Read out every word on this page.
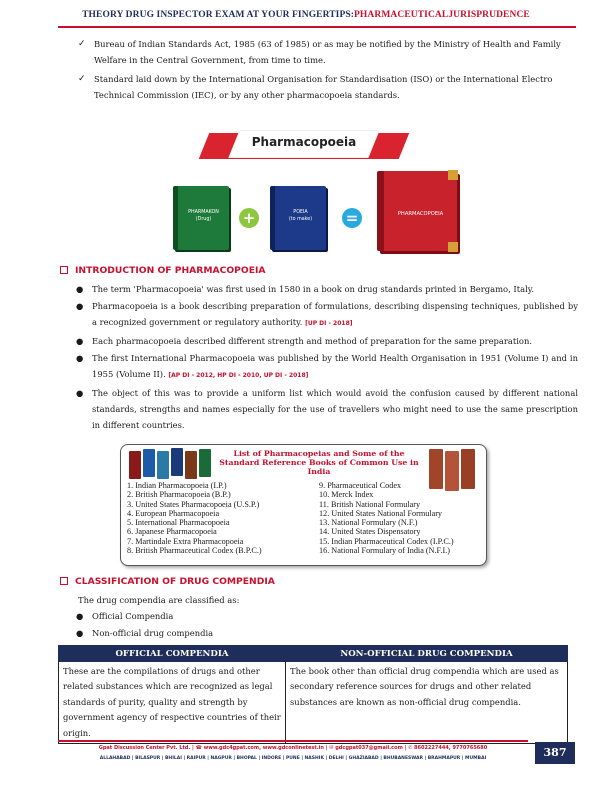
THEORY DRUG INSPECTOR EXAM AT YOUR FINGERTIPS:PHARMACEUTICALJURISPRUDENCE
✓ Bureau of Indian Standards Act, 1985 (63 of 1985) or as may be notified by the Ministry of Health and Family Welfare in the Central Government, from time to time.
✓ Standard laid down by the International Organisation for Standardisation (ISO) or the International Electro Technical Commission (IEC), or by any other pharmacopoeia standards.
Pharmacopoeia
PHARMAKON
(Drug)	+	POEIA
(to make)	=	PHARMACOPOEIA
INTRODUCTION OF PHARMACOPOEIA
● The term 'Pharmacopoeia' was first used in 1580 in a book on drug standards printed in Bergamo, Italy.
● Pharmacopoeia is a book describing preparation of formulations, describing dispensing techniques, published by a recognized government or regulatory authority. [UP DI - 2018]
● Each pharmacopoeia described different strength and method of preparation for the same preparation.
● The first International Pharmacopoeia was published by the World Health Organisation in 1951 (Volume I) and in 1955 (Volume II). [AP DI - 2012, HP DI - 2010, UP DI - 2018]
● The object of this was to provide a uniform list which would avoid the confusion caused by different national standards, strengths and names especially for the use of travellers who might need to use the same prescription in different countries.
List of Pharmacopeias and Some of the Standard Reference Books of Common Use in India
1. Indian Pharmacopoeia (I.P.)
2. British Pharmacopoeia (B.P.)
3. United States Pharmacopoeia (U.S.P.)
4. European Pharmacopoeia
5. International Pharmacopoeia
6. Japanese Pharmacopoeia
7. Martindale Extra Pharmacopoeia
8. British Pharmaceutical Codex (B.P.C.)
9. Pharmaceutical Codex
10. Merck Index
11. British National Formulary
12. United States National Formulary
13. National Formulary (N.F.)
14. United States Dispensatory
15. Indian Pharmaceutical Codex (I.P.C.)
16. National Formulary of India (N.F.I.)
CLASSIFICATION OF DRUG COMPENDIA
The drug compendia are classified as:
● Official Compendia
● Non-official drug compendia
OFFICIAL COMPENDIA	NON-OFFICIAL DRUG COMPENDIA
These are the compilations of drugs and other related substances which are recognized as legal standards of purity, quality and strength by government agency of respective countries of their origin.	The book other than official drug compendia which are used as secondary reference sources for drugs and other related substances are known as non-official drug compendia.
Gpat Discussion Center Pvt. Ltd. | ☎ www.gdc4gpat.com, www.gdconlinetest.in | ✉ gdcgpat037@gmail.com | ✆ 8602227444, 9770765680
ALLAHABAD | BILASPUR | BHILAI | RAIPUR | NAGPUR | BHOPAL | INDORE | PUNE | NASHIK | DELHI | GHAZIABAD | BHUBANESWAR | BRAHMAPUR | MUMBAI	387
